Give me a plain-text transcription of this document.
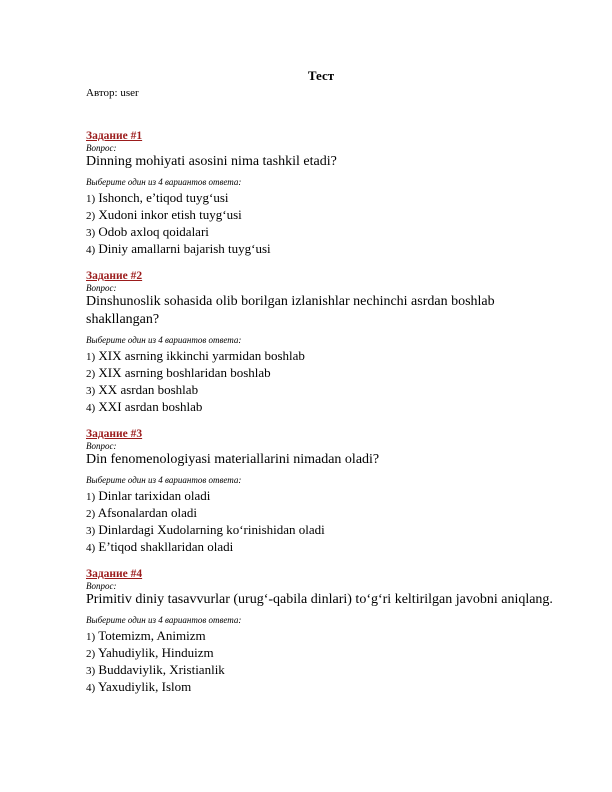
Тест
Автор: user
Задание #1
Вопрос:
Dinning mohiyati asosini nima tashkil etadi?
Выберите один из 4 вариантов ответа:
1) Ishonch, e’tiqod tuyg‘usi
2) Xudoni inkor etish tuyg‘usi
3) Odob axloq qoidalari
4) Diniy amallarni bajarish tuyg‘usi
Задание #2
Вопрос:
Dinshunoslik sohasida olib borilgan izlanishlar nechinchi asrdan boshlab shakllangan?
Выберите один из 4 вариантов ответа:
1) XIX asrning ikkinchi yarmidan boshlab
2) XIX asrning boshlaridan boshlab
3) XX asrdan boshlab
4) XXI asrdan boshlab
Задание #3
Вопрос:
Din fenomenologiyasi materiallarini nimadan oladi?
Выберите один из 4 вариантов ответа:
1) Dinlar tarixidan oladi
2) Afsonalardan oladi
3) Dinlardagi Xudolarning ko‘rinishidan oladi
4) E’tiqod shakllaridan oladi
Задание #4
Вопрос:
Primitiv diniy tasavvurlar (urug‘-qabila dinlari) to‘g‘ri keltirilgan javobni aniqlang.
Выберите один из 4 вариантов ответа:
1) Totemizm, Animizm
2) Yahudiylik, Hinduizm
3) Buddaviylik, Xristianlik
4) Yaxudiylik, Islom
